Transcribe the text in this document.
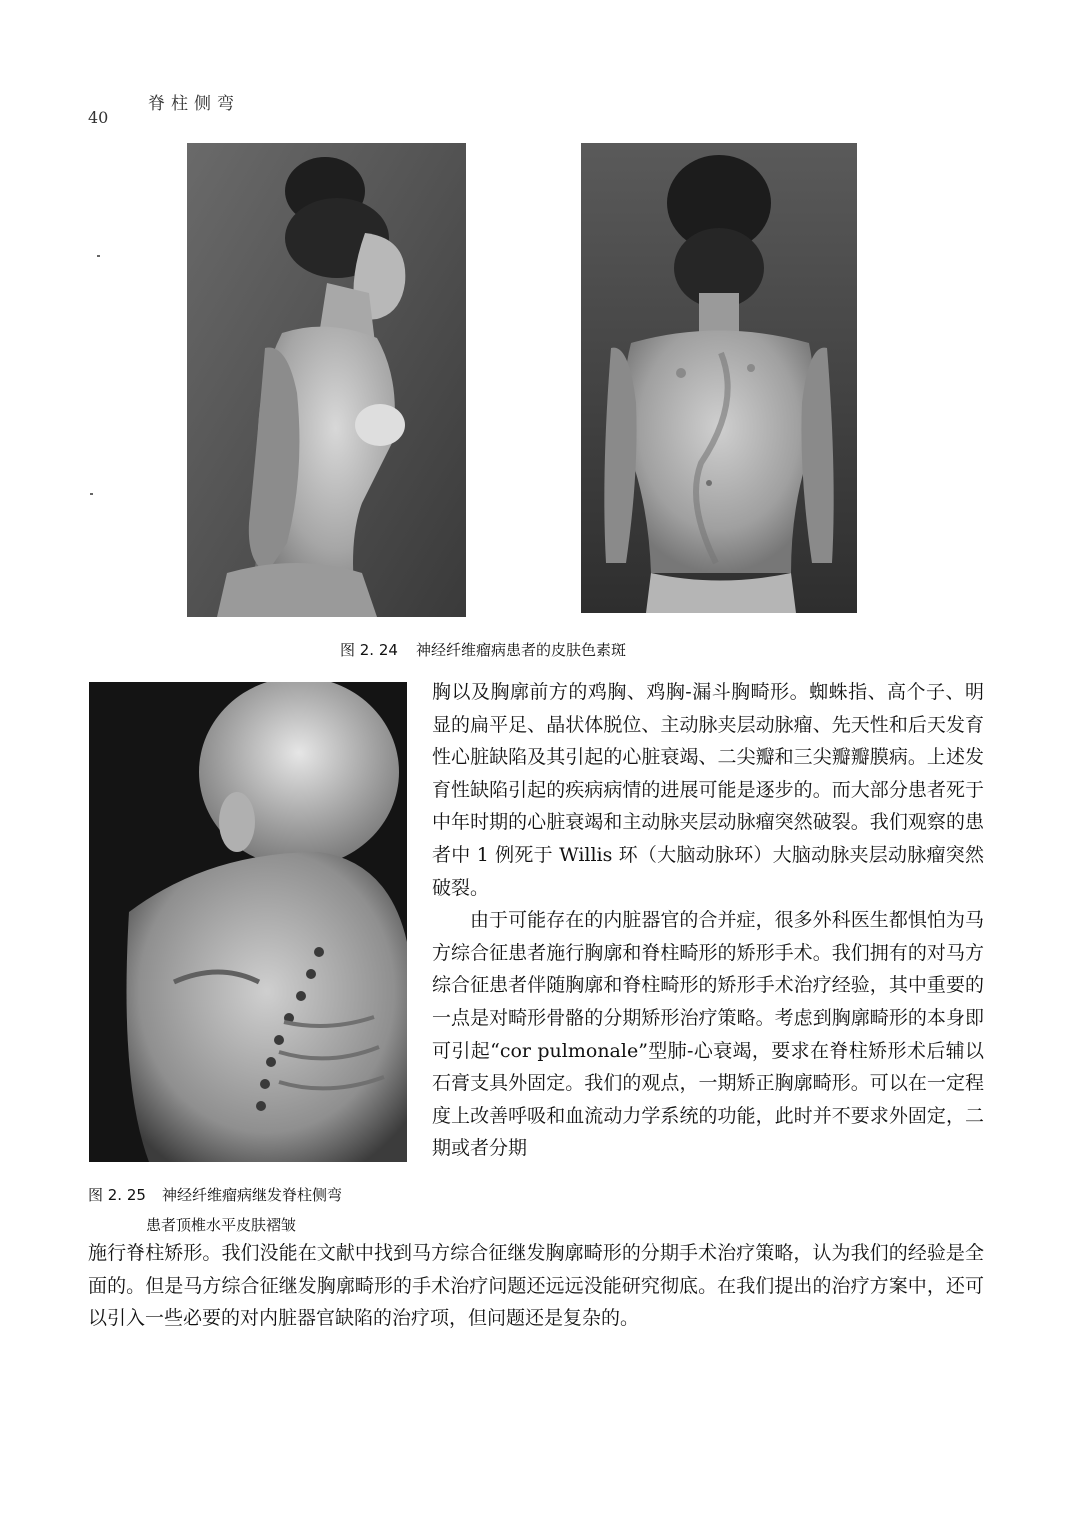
脊柱侧弯
40
图 2. 24 神经纤维瘤病患者的皮肤色素斑
图 2. 25 神经纤维瘤病继发脊柱侧弯
患者顶椎水平皮肤褶皱

胸以及胸廓前方的鸡胸、鸡胸-漏斗胸畸形。蜘蛛指、高个子、明显的扁平足、晶状体脱位、主动脉夹层动脉瘤、先天性和后天发育性心脏缺陷及其引起的心脏衰竭、二尖瓣和三尖瓣瓣膜病。上述发育性缺陷引起的疾病病情的进展可能是逐步的。而大部分患者死于中年时期的心脏衰竭和主动脉夹层动脉瘤突然破裂。我们观察的患者中 1 例死于 Willis 环（大脑动脉环）大脑动脉夹层动脉瘤突然破裂。

由于可能存在的内脏器官的合并症，很多外科医生都惧怕为马方综合征患者施行胸廓和脊柱畸形的矫形手术。我们拥有的对马方综合征患者伴随胸廓和脊柱畸形的矫形手术治疗经验，其中重要的一点是对畸形骨骼的分期矫形治疗策略。考虑到胸廓畸形的本身即可引起“cor pulmonale”型肺-心衰竭，要求在脊柱矫形术后辅以石膏支具外固定。我们的观点，一期矫正胸廓畸形。可以在一定程度上改善呼吸和血流动力学系统的功能，此时并不要求外固定，二期或者分期

施行脊柱矫形。我们没能在文献中找到马方综合征继发胸廓畸形的分期手术治疗策略，认为我们的经验是全面的。但是马方综合征继发胸廓畸形的手术治疗问题还远远没能研究彻底。在我们提出的治疗方案中，还可以引入一些必要的对内脏器官缺陷的治疗项，但问题还是复杂的。
